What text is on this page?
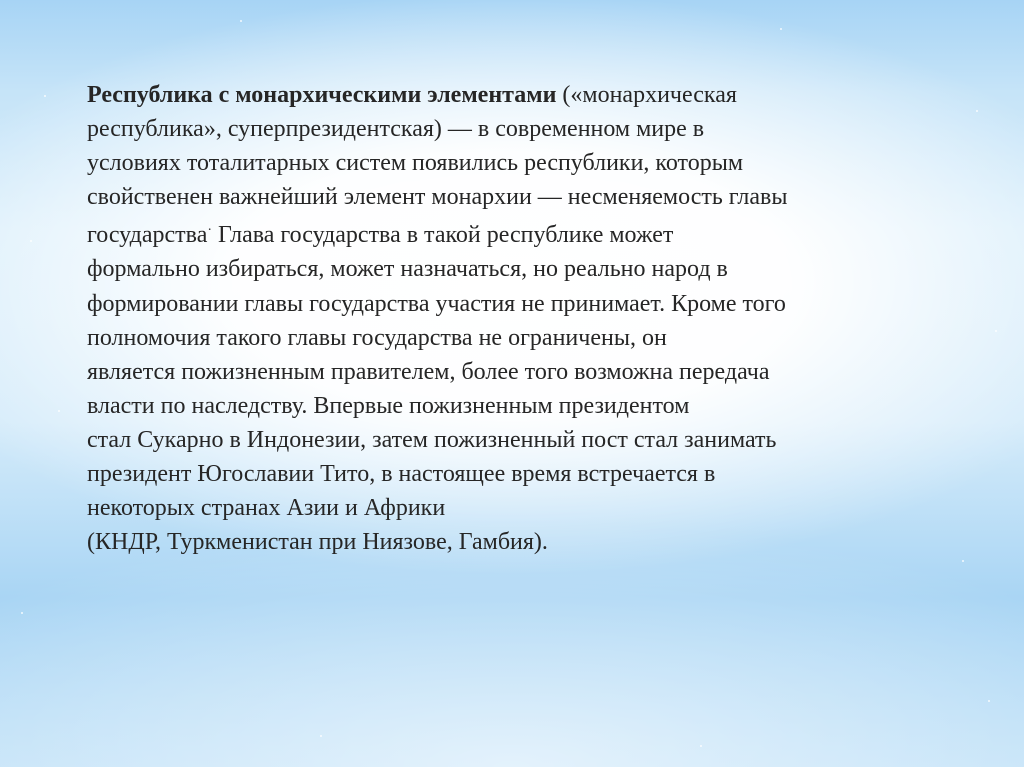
Республика с монархическими элементами («монархическая
республика», суперпрезидентская) — в современном мире в
условиях тоталитарных систем появились республики, которым
свойственен важнейший элемент монархии — несменяемость главы
государства· Глава государства в такой республике может
формально избираться, может назначаться, но реально народ в
формировании главы государства участия не принимает. Кроме того
полномочия такого главы государства не ограничены, он
является пожизненным правителем, более того возможна передача
власти по наследству. Впервые пожизненным президентом
стал Сукарно в Индонезии, затем пожизненный пост стал занимать
президент Югославии Тито, в настоящее время встречается в
некоторых странах Азии и Африки
(КНДР, Туркменистан при Ниязове, Гамбия).
